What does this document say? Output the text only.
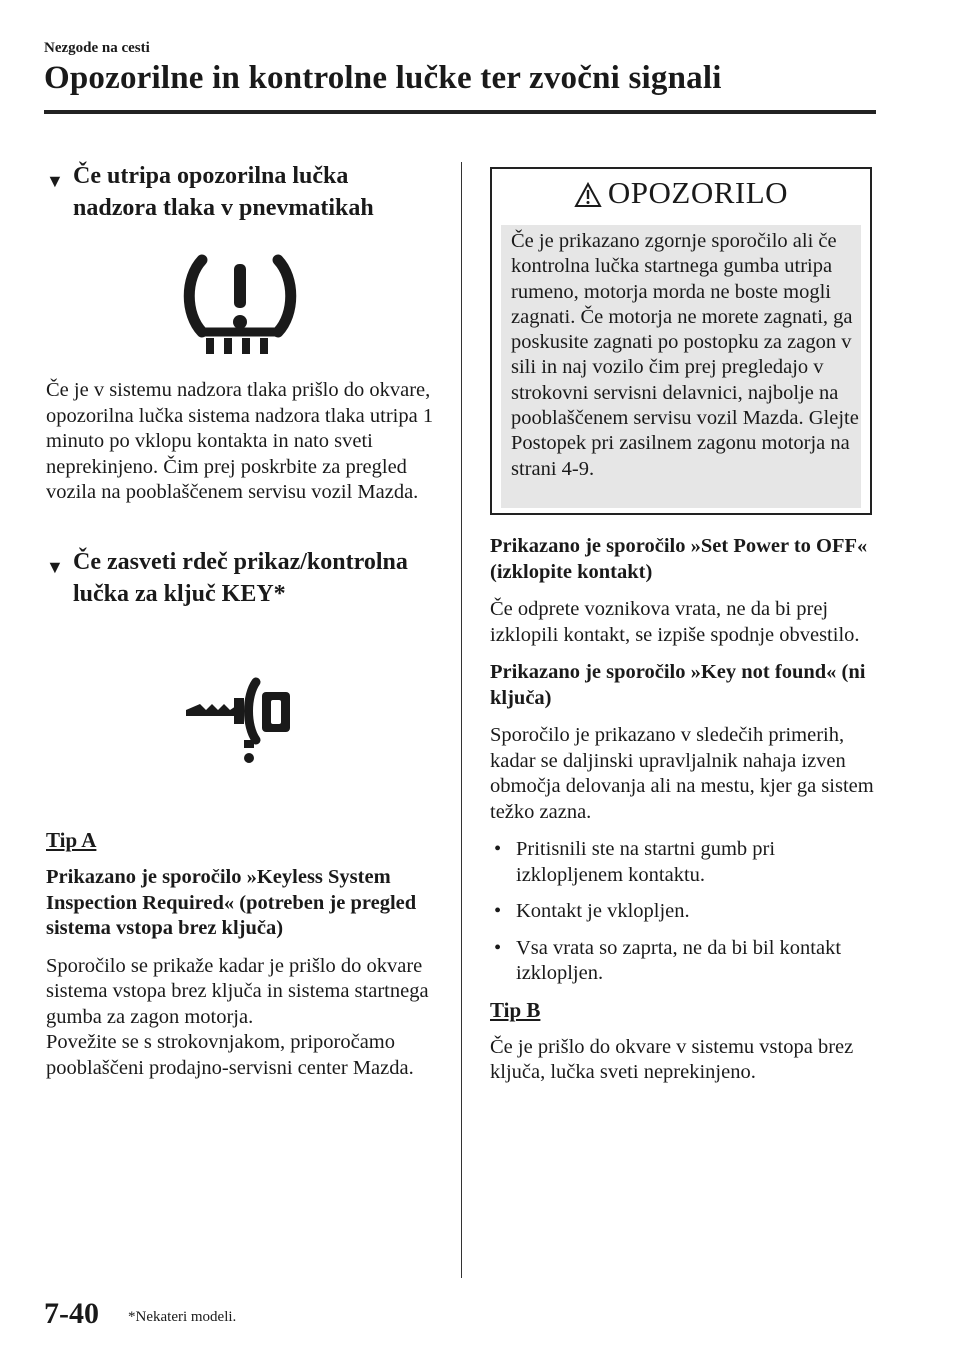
Nezgode na cesti
Opozorilne in kontrolne lučke ter zvočni signali
▼ Če utripa opozorilna lučka
nadzora tlaka v pnevmatikah

Če je v sistemu nadzora tlaka prišlo do okvare, opozorilna lučka sistema nadzora tlaka utripa 1 minuto po vklopu kontakta in nato sveti neprekinjeno. Čim prej poskrbite za pregled vozila na pooblaščenem servisu vozil Mazda.

▼ Če zasveti rdeč prikaz/kontrolna
lučka za ključ KEY*
Tip A

Prikazano je sporočilo »Keyless System Inspection Required« (potreben je pregled sistema vstopa brez ključa)

Sporočilo se prikaže kadar je prišlo do okvare sistema vstopa brez ključa in sistema startnega gumba za zagon motorja.

Povežite se s strokovnjakom, priporočamo pooblaščeni prodajno-servisni center Mazda.

OPOZORILO

Če je prikazano zgornje sporočilo ali če kontrolna lučka startnega gumba utripa rumeno, motorja morda ne boste mogli zagnati. Če motorja ne morete zagnati, ga poskusite zagnati po postopku za zagon v sili in naj vozilo čim prej pregledajo v strokovni servisni delavnici, najbolje na pooblaščenem servisu vozil Mazda. Glejte Postopek pri zasilnem zagonu motorja na strani 4-9.

Prikazano je sporočilo »Set Power to OFF« (izklopite kontakt)

Če odprete voznikova vrata, ne da bi prej izklopili kontakt, se izpiše spodnje obvestilo.

Prikazano je sporočilo »Key not found« (ni ključa)

Sporočilo je prikazano v sledečih primerih, kadar se daljinski upravljalnik nahaja izven območja delovanja ali na mestu, kjer ga sistem težko zazna.

• Pritisnili ste na startni gumb pri izklopljenem kontaktu.
• Kontakt je vklopljen.
• Vsa vrata so zaprta, ne da bi bil kontakt izklopljen.
Tip B

Če je prišlo do okvare v sistemu vstopa brez ključa, lučka sveti neprekinjeno.

7-40 *Nekateri modeli.
